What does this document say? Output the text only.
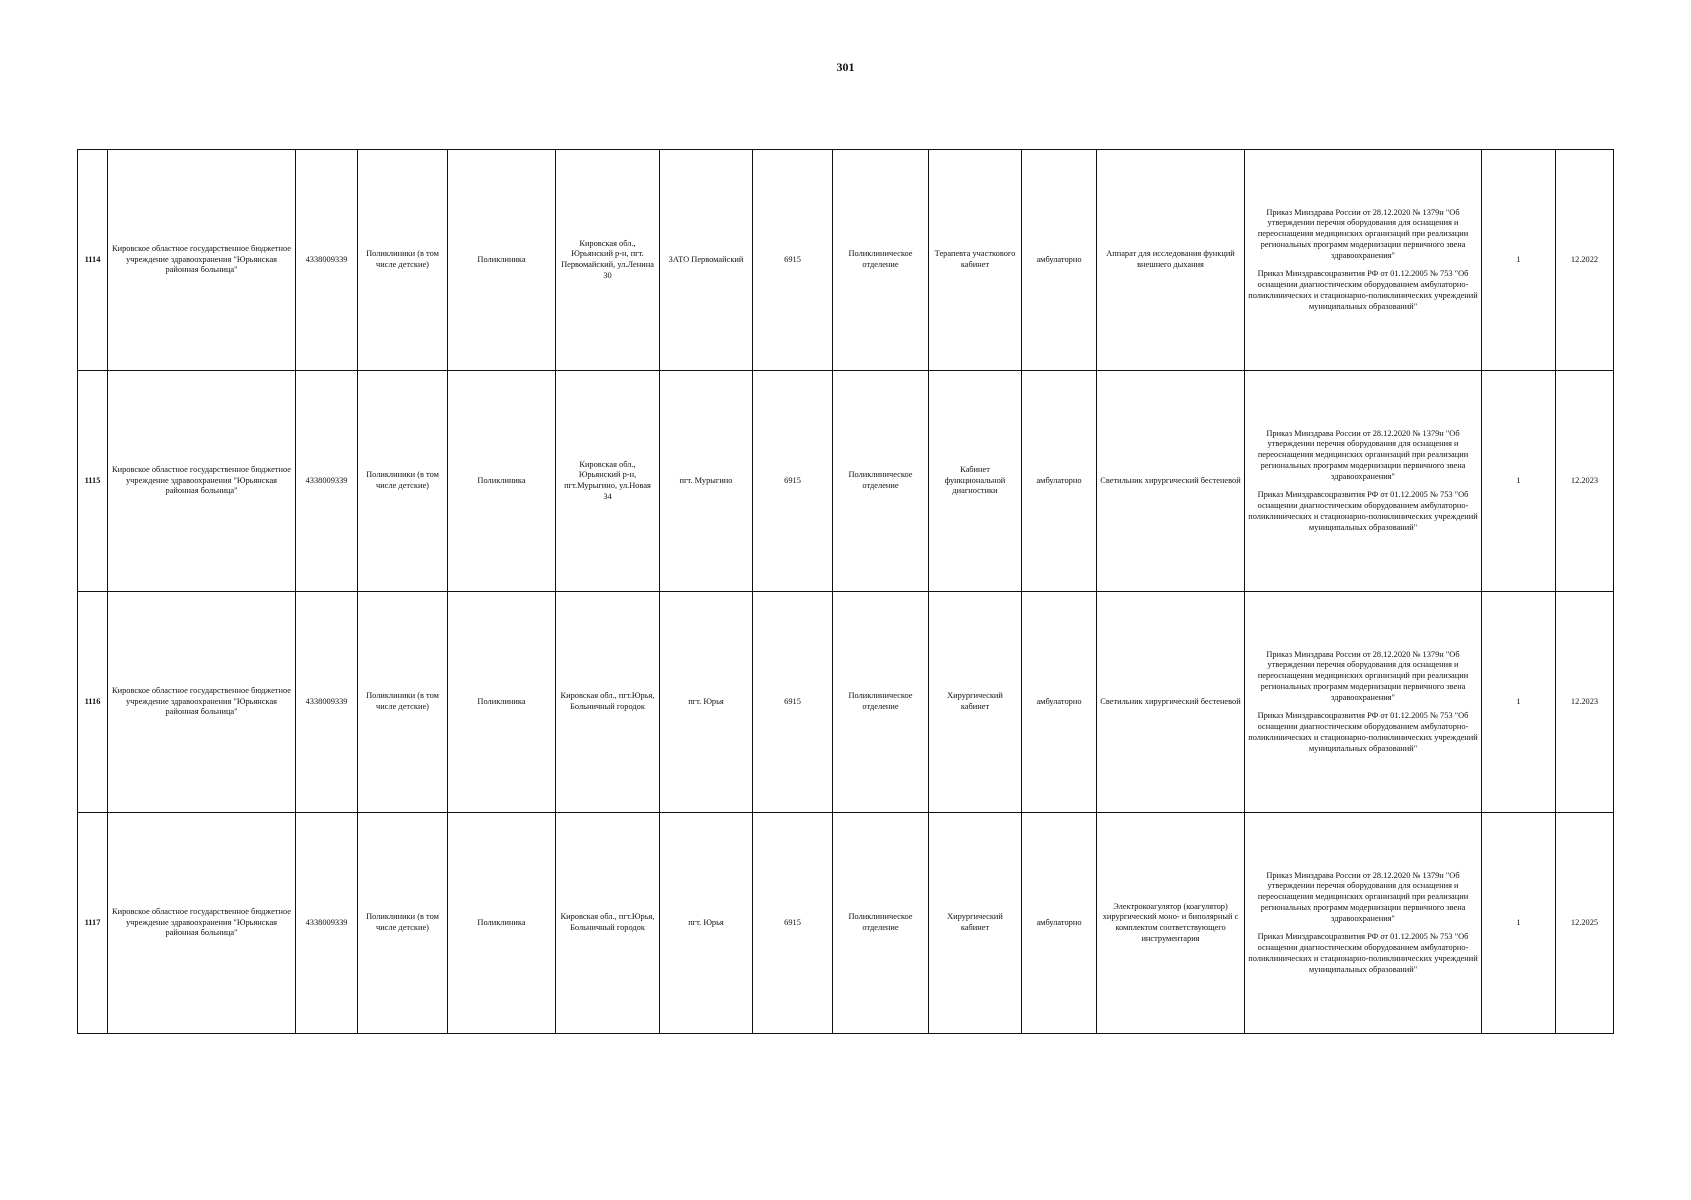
301
1114	Кировское областное государственное бюджетное учреждение здравоохранения "Юрьянская районная больница"	4338009339	Поликлиники (в том числе детские)	Поликлиника	Кировская обл., Юрьянский р-н, пгт. Первомайский, ул.Ленина 30	ЗАТО Первомайский	6915	Поликлиническое отделение	Терапевта участкового кабинет	амбулаторно	Аппарат для исследования функций внешнего дыхания	Приказ Минздрава России от 28.12.2020 № 1379н "Об утверждении перечня оборудования для оснащения и переоснащения медицинских организаций при реализации региональных программ модернизации первичного звена здравоохранения"

Приказ Минздравсоцразвития РФ от 01.12.2005 № 753 "Об оснащении диагностическим оборудованием амбулаторно-поликлинических и стационарно-поликлинических учреждений муниципальных образований"	1	12.2022
1115	Кировское областное государственное бюджетное учреждение здравоохранения "Юрьянская районная больница"	4338009339	Поликлиники (в том числе детские)	Поликлиника	Кировская обл., Юрьянский р-н, пгт.Мурыгино, ул.Новая 34	пгт. Мурыгино	6915	Поликлиническое отделение	Кабинет функциональной диагностики	амбулаторно	Светильник хирургический бестеневой	Приказ Минздрава России от 28.12.2020 № 1379н "Об утверждении перечня оборудования для оснащения и переоснащения медицинских организаций при реализации региональных программ модернизации первичного звена здравоохранения"

Приказ Минздравсоцразвития РФ от 01.12.2005 № 753 "Об оснащении диагностическим оборудованием амбулаторно-поликлинических и стационарно-поликлинических учреждений муниципальных образований"	1	12.2023
1116	Кировское областное государственное бюджетное учреждение здравоохранения "Юрьянская районная больница"	4338009339	Поликлиники (в том числе детские)	Поликлиника	Кировская обл., пгт.Юрья, Больничный городок	пгт. Юрья	6915	Поликлиническое отделение	Хирургический кабинет	амбулаторно	Светильник хирургический бестеневой	Приказ Минздрава России от 28.12.2020 № 1379н "Об утверждении перечня оборудования для оснащения и переоснащения медицинских организаций при реализации региональных программ модернизации первичного звена здравоохранения"

Приказ Минздравсоцразвития РФ от 01.12.2005 № 753 "Об оснащении диагностическим оборудованием амбулаторно-поликлинических и стационарно-поликлинических учреждений муниципальных образований"	1	12.2023
1117	Кировское областное государственное бюджетное учреждение здравоохранения "Юрьянская районная больница"	4338009339	Поликлиники (в том числе детские)	Поликлиника	Кировская обл., пгт.Юрья, Больничный городок	пгт. Юрья	6915	Поликлиническое отделение	Хирургический кабинет	амбулаторно	Электрокоагулятор (коагулятор) хирургический моно- и биполярный с комплектом соответствующего инструментария	Приказ Минздрава России от 28.12.2020 № 1379н "Об утверждении перечня оборудования для оснащения и переоснащения медицинских организаций при реализации региональных программ модернизации первичного звена здравоохранения"

Приказ Минздравсоцразвития РФ от 01.12.2005 № 753 "Об оснащении диагностическим оборудованием амбулаторно-поликлинических и стационарно-поликлинических учреждений муниципальных образований"	1	12.2025
